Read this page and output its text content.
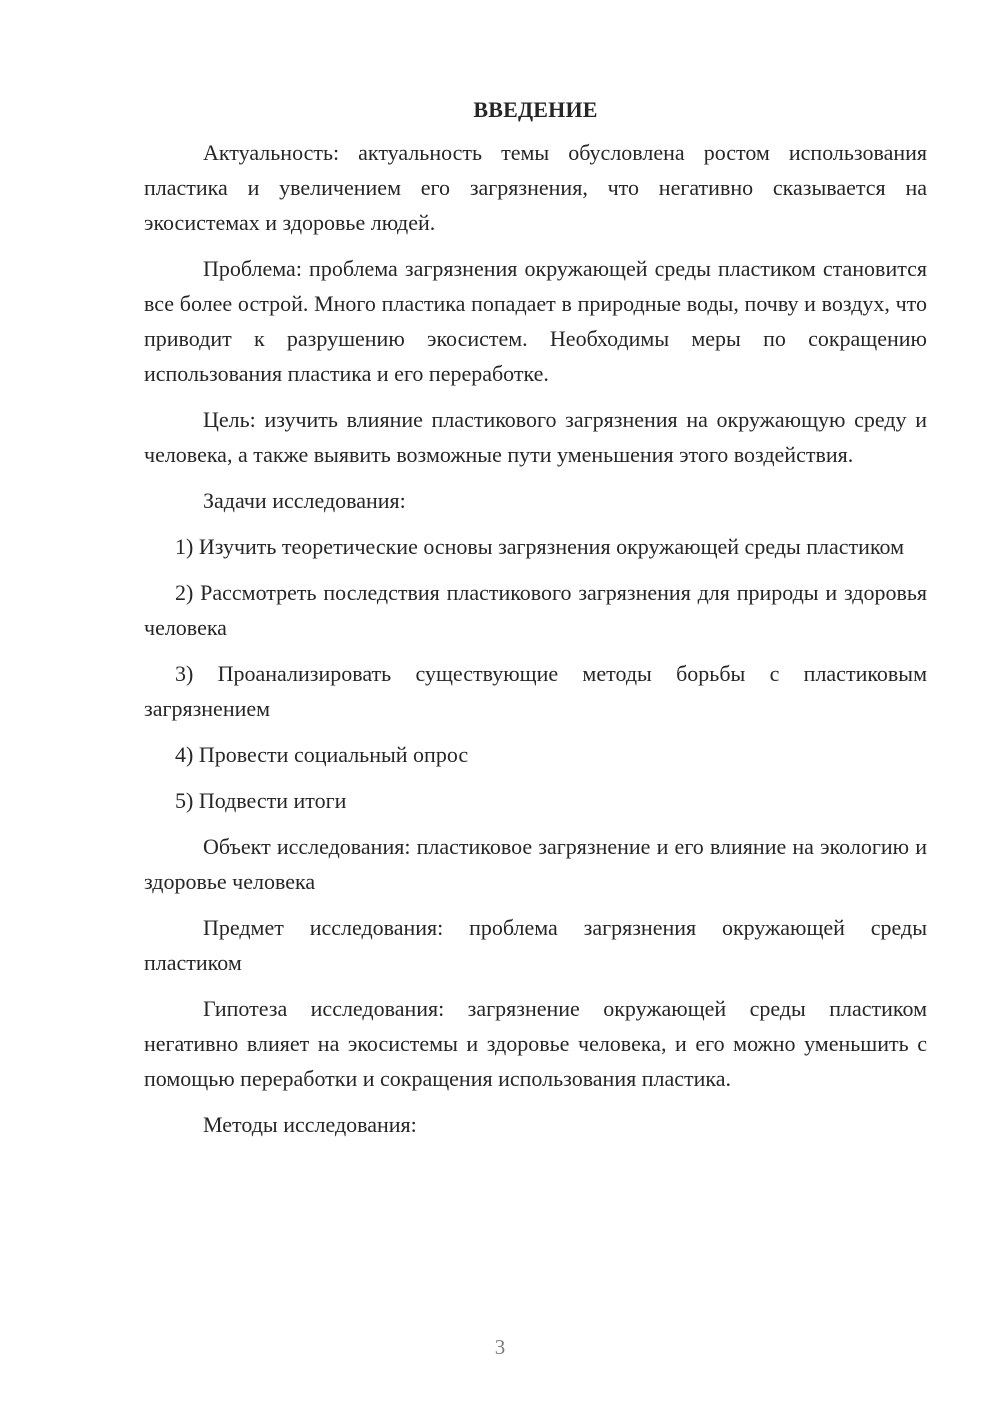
ВВЕДЕНИЕ

Актуальность: актуальность темы обусловлена ростом использования пластика и увеличением его загрязнения, что негативно сказывается на экосистемах и здоровье людей.

Проблема: проблема загрязнения окружающей среды пластиком становится все более острой. Много пластика попадает в природные воды, почву и воздух, что приводит к разрушению экосистем. Необходимы меры по сокращению использования пластика и его переработке.

Цель: изучить влияние пластикового загрязнения на окружающую среду и человека, а также выявить возможные пути уменьшения этого воздействия.

Задачи исследования:

1) Изучить теоретические основы загрязнения окружающей среды пластиком

2) Рассмотреть последствия пластикового загрязнения для природы и здоровья человека

3) Проанализировать существующие методы борьбы с пластиковым загрязнением

4) Провести социальный опрос

5) Подвести итоги

Объект исследования: пластиковое загрязнение и его влияние на экологию и здоровье человека

Предмет исследования: проблема загрязнения окружающей среды пластиком

Гипотеза исследования: загрязнение окружающей среды пластиком негативно влияет на экосистемы и здоровье человека, и его можно уменьшить с помощью переработки и сокращения использования пластика.

Методы исследования:

3
